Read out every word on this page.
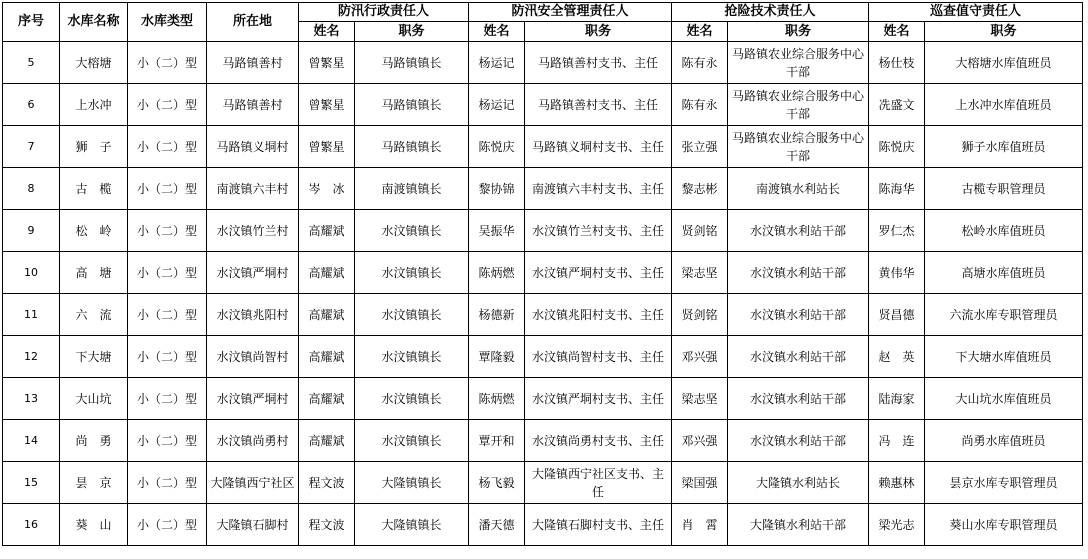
序号	水库名称	水库类型	所在地	防汛行政责任人		防汛安全管理责任人		抢险技术责任人		巡查值守责任人	
				姓名	职务	姓名	职务	姓名	职务	姓名	职务
5	大榕塘	小（二）型	马路镇善村	曾繁星	马路镇镇长	杨运记	马路镇善村支书、主任	陈有永	马路镇农业综合服务中心干部	杨仕枝	大榕塘水库值班员
6	上水冲	小（二）型	马路镇善村	曾繁星	马路镇镇长	杨运记	马路镇善村支书、主任	陈有永	马路镇农业综合服务中心干部	冼盛文	上水冲水库值班员
7	狮　子	小（二）型	马路镇义垌村	曾繁星	马路镇镇长	陈悦庆	马路镇义垌村支书、主任	张立强	马路镇农业综合服务中心干部	陈悦庆	狮子水库值班员
8	古　榄	小（二）型	南渡镇六丰村	岑　冰	南渡镇镇长	黎协锦	南渡镇六丰村支书、主任	黎志彬	南渡镇水利站长	陈海华	古榄专职管理员
9	松　岭	小（二）型	水汶镇竹兰村	高耀斌	水汶镇镇长	吴振华	水汶镇竹兰村支书、主任	贤剑铭	水汶镇水利站干部	罗仁杰	松岭水库值班员
10	高　塘	小（二）型	水汶镇严垌村	高耀斌	水汶镇镇长	陈炳燃	水汶镇严垌村支书、主任	梁志坚	水汶镇水利站干部	黄伟华	高塘水库值班员
11	六　流	小（二）型	水汶镇兆阳村	高耀斌	水汶镇镇长	杨德新	水汶镇兆阳村支书、主任	贤剑铭	水汶镇水利站干部	贤昌德	六流水库专职管理员
12	下大塘	小（二）型	水汶镇尚智村	高耀斌	水汶镇镇长	覃隆毅	水汶镇尚智村支书、主任	邓兴强	水汶镇水利站干部	赵　英	下大塘水库值班员
13	大山坑	小（二）型	水汶镇严垌村	高耀斌	水汶镇镇长	陈炳燃	水汶镇严垌村支书、主任	梁志坚	水汶镇水利站干部	陆海家	大山坑水库值班员
14	尚　勇	小（二）型	水汶镇尚勇村	高耀斌	水汶镇镇长	覃开和	水汶镇尚勇村支书、主任	邓兴强	水汶镇水利站干部	冯　连	尚勇水库值班员
15	昙　京	小（二）型	大隆镇西宁社区	程文波	大隆镇镇长	杨飞毅	大隆镇西宁社区支书、主任	梁国强	大隆镇水利站长	赖惠林	昙京水库专职管理员
16	葵　山	小（二）型	大隆镇石脚村	程文波	大隆镇镇长	潘天德	大隆镇石脚村支书、主任	肖　霄	大隆镇水利站干部	梁光志	葵山水库专职管理员
